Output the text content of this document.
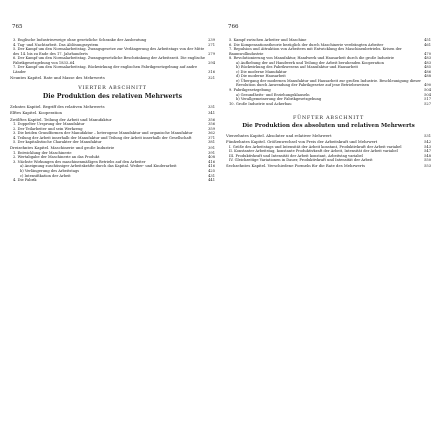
765
3. Englische Industriezweige ohne gesetzliche Schranke der Ausbeutung	239
4. Tag- und Nachtarbeit. Das Ablösungssystem	271
5. Der Kampf um den Normalarbeitstag. Zwangsgesetze zur Verlängerung des Arbeitstags von der Mitte des 14. bis zu Ende des 17. Jahrhunderts	279
6. Der Kampf um den Normalarbeitstag. Zwangsgesetzliche Beschränkung der Arbeitszeit. Die englische Fabrikgesetzgebung von 1833–64	294
7. Der Kampf um den Normalarbeitstag. Rückwirkung der englischen Fabrikgesetzgebung auf andre Länder	316
Neuntes Kapitel. Rate und Masse des Mehrwerts	321
VIERTER ABSCHNITT
Die Produktion des relativen Mehrwerts
Zehntes Kapitel. Begriff des relativen Mehrwerts	331
Elftes Kapitel. Kooperation	341
Zwölftes Kapitel. Teilung der Arbeit und Manufaktur	356
1. Doppelter Ursprung der Manufaktur	356
2. Der Teilarbeiter und sein Werkzeug	359
3. Die beiden Grundformen der Manufaktur – heterogene Manufaktur und organische Manufaktur	362
4. Teilung der Arbeit innerhalb der Manufaktur und Teilung der Arbeit innerhalb der Gesellschaft	371
5. Der kapitalistische Charakter der Manufaktur	381
Dreizehntes Kapitel. Maschinerie und große Industrie	391
1. Entwicklung der Maschinerie	391
2. Wertabgabe der Maschinerie an das Produkt	408
3. Nächste Wirkungen des maschinenmäßigen Betriebs auf den Arbeiter	416
a) Aneignung zuschüssiger Arbeitskräfte durch das Kapital. Weiber- und Kinderarbeit	416
b) Verlängerung des Arbeitstags	425
c) Intensifikation der Arbeit	431
4. Die Fabrik	441
766
5. Kampf zwischen Arbeiter und Maschine	451
6. Die Kompensationstheorie bezüglich der durch Maschinerie verdrängten Arbeiter	461
7. Repulsion und Attraktion von Arbeitern mit Entwicklung des Maschinenbetriebs. Krisen der Baumwollindustrie	470
8. Revolutionierung von Manufaktur, Handwerk und Hausarbeit durch die große Industrie	483
a) Aufhebung der auf Handwerk und Teilung der Arbeit beruhenden Kooperation	483
b) Rückwirkung des Fabrikwesens auf Manufaktur und Hausarbeit	485
c) Die moderne Manufaktur	486
d) Die moderne Hausarbeit	488
e) Übergang der modernen Manufaktur und Hausarbeit zur großen Industrie. Beschleunigung dieser Revolution durch Anwendung der Fabrikgesetze auf jene Betriebsweisen	490
9. Fabrikgesetzgebung	504
a) Gesundheits- und Erziehungsklauseln	504
b) Verallgemeinerung der Fabrikgesetzgebung	517
10. Große Industrie und Ackerbau	527
FÜNFTER ABSCHNITT
Die Produktion des absoluten und relativen Mehrwerts
Vierzehntes Kapitel. Absoluter und relativer Mehrwert	531
Fünfzehntes Kapitel. Größenwechsel von Preis der Arbeitskraft und Mehrwert	542
I. Größe des Arbeitstags und Intensität der Arbeit konstant, Produktivkraft der Arbeit variabel	543
II. Konstanter Arbeitstag, konstante Produktivkraft der Arbeit, Intensität der Arbeit variabel	547
III. Produktivkraft und Intensität der Arbeit konstant, Arbeitstag variabel	548
IV. Gleichzeitige Variationen in Dauer, Produktivkraft und Intensität der Arbeit	550
Sechzehntes Kapitel. Verschiedene Formeln für die Rate des Mehrwerts	553
